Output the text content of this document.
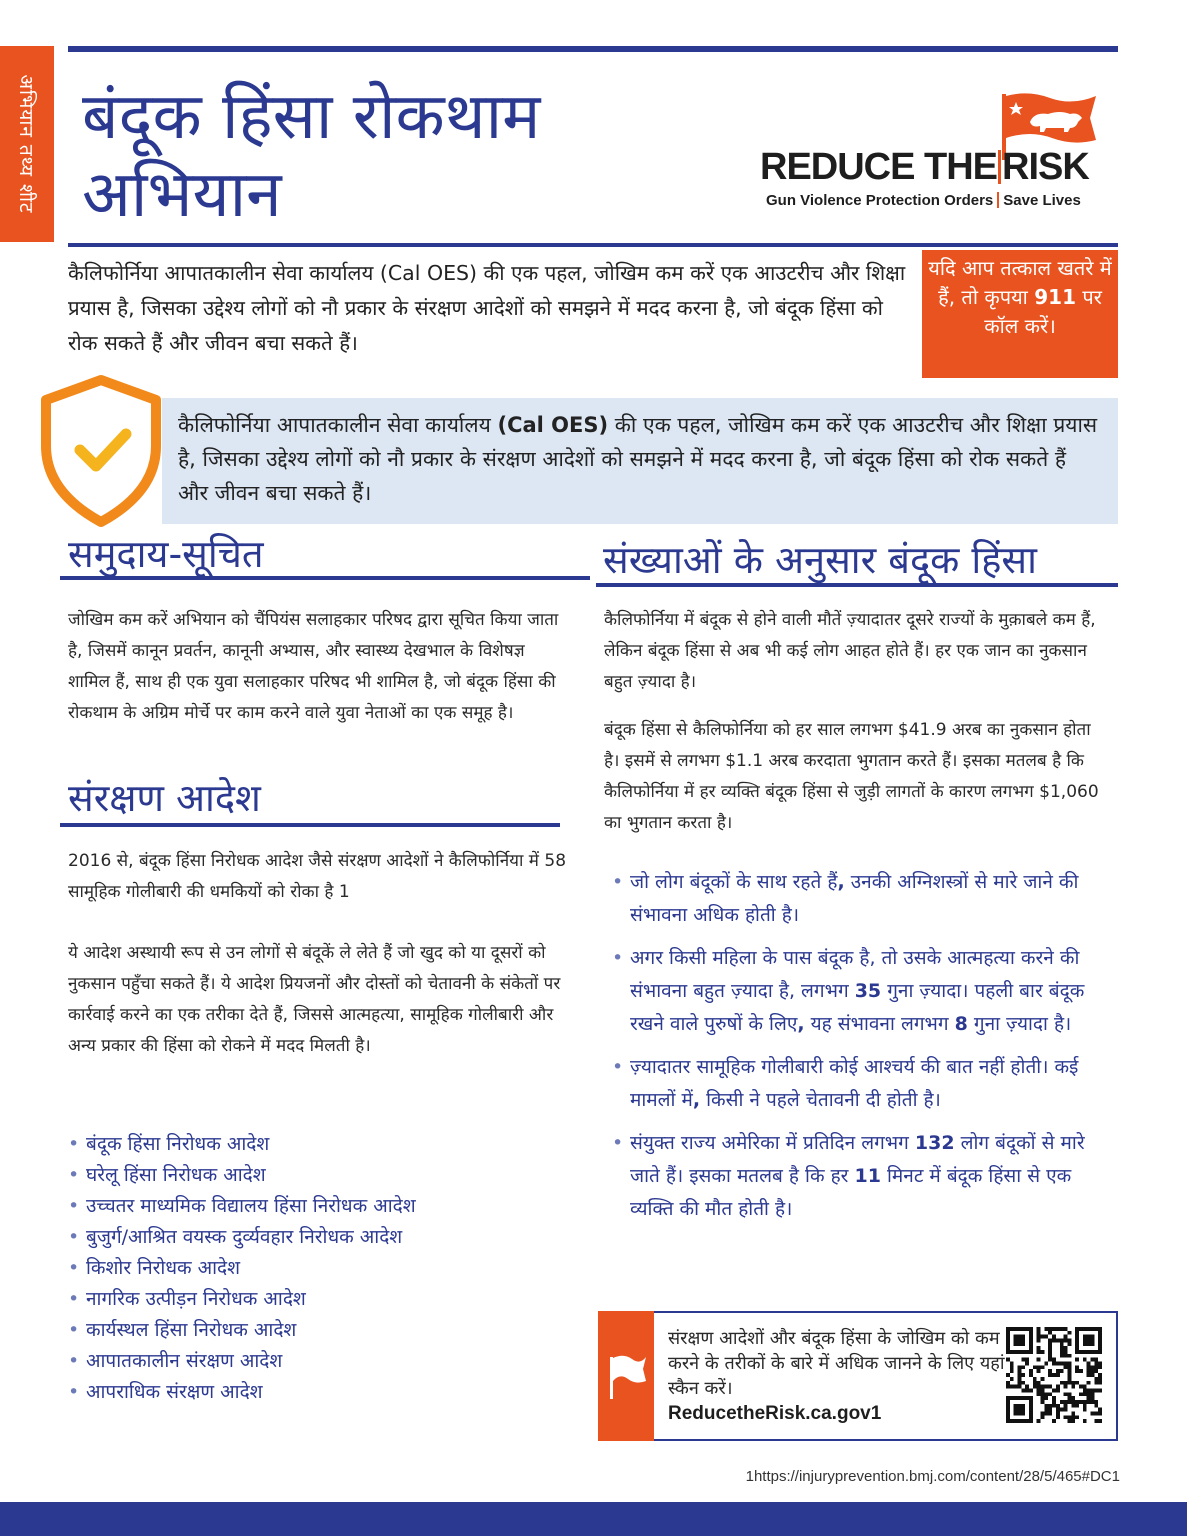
अभियान तथ्य शीट बंदूक हिंसा रोकथाम
अभियान	REDUCE THE RISK
Gun Violence Protection Orders Save Lives
कैलिफोर्निया आपातकालीन सेवा कार्यालय (Cal OES) की एक पहल, जोखिम कम करें एक आउटरीच और शिक्षा प्रयास है, जिसका उद्देश्य लोगों को नौ प्रकार के संरक्षण आदेशों को समझने में मदद करना है, जो बंदूक हिंसा को रोक सकते हैं और जीवन बचा सकते हैं।
यदि आप तत्काल खतरे में हैं, तो कृपया 911 पर कॉल करें।
कैलिफोर्निया आपातकालीन सेवा कार्यालय (Cal OES) की एक पहल, जोखिम कम करें एक आउटरीच और शिक्षा प्रयास है, जिसका उद्देश्य लोगों को नौ प्रकार के संरक्षण आदेशों को समझने में मदद करना है, जो बंदूक हिंसा को रोक सकते हैं और जीवन बचा सकते हैं।
समुदाय-सूचित
जोखिम कम करें अभियान को चैंपियंस सलाहकार परिषद द्वारा सूचित किया जाता है, जिसमें कानून प्रवर्तन, कानूनी अभ्यास, और स्वास्थ्य देखभाल के विशेषज्ञ शामिल हैं, साथ ही एक युवा सलाहकार परिषद भी शामिल है, जो बंदूक हिंसा की रोकथाम के अग्रिम मोर्चे पर काम करने वाले युवा नेताओं का एक समूह है।
संरक्षण आदेश
2016 से, बंदूक हिंसा निरोधक आदेश जैसे संरक्षण आदेशों ने कैलिफोर्निया में 58 सामूहिक गोलीबारी की धमकियों को रोका है 1
ये आदेश अस्थायी रूप से उन लोगों से बंदूकें ले लेते हैं जो खुद को या दूसरों को नुकसान पहुँचा सकते हैं। ये आदेश प्रियजनों और दोस्तों को चेतावनी के संकेतों पर कार्रवाई करने का एक तरीका देते हैं, जिससे आत्महत्या, सामूहिक गोलीबारी और अन्य प्रकार की हिंसा को रोकने में मदद मिलती है।
• बंदूक हिंसा निरोधक आदेश
• घरेलू हिंसा निरोधक आदेश
• उच्चतर माध्यमिक विद्यालय हिंसा निरोधक आदेश
• बुजुर्ग/आश्रित वयस्क दुर्व्यवहार निरोधक आदेश
• किशोर निरोधक आदेश
• नागरिक उत्पीड़न निरोधक आदेश
• कार्यस्थल हिंसा निरोधक आदेश
• आपातकालीन संरक्षण आदेश
• आपराधिक संरक्षण आदेश
संख्याओं के अनुसार बंदूक हिंसा
कैलिफोर्निया में बंदूक से होने वाली मौतें ज़्यादातर दूसरे राज्यों के मुक़ाबले कम हैं, लेकिन बंदूक हिंसा से अब भी कई लोग आहत होते हैं। हर एक जान का नुकसान बहुत ज़्यादा है।
बंदूक हिंसा से कैलिफोर्निया को हर साल लगभग $41.9 अरब का नुकसान होता है। इसमें से लगभग $1.1 अरब करदाता भुगतान करते हैं। इसका मतलब है कि कैलिफोर्निया में हर व्यक्ति बंदूक हिंसा से जुड़ी लागतों के कारण लगभग $1,060 का भुगतान करता है।
• जो लोग बंदूकों के साथ रहते हैं, उनकी अग्निशस्त्रों से मारे जाने की संभावना अधिक होती है।
• अगर किसी महिला के पास बंदूक है, तो उसके आत्महत्या करने की संभावना बहुत ज़्यादा है, लगभग 35 गुना ज़्यादा। पहली बार बंदूक रखने वाले पुरुषों के लिए, यह संभावना लगभग 8 गुना ज़्यादा है।
• ज़्यादातर सामूहिक गोलीबारी कोई आश्चर्य की बात नहीं होती। कई मामलों में, किसी ने पहले चेतावनी दी होती है।
• संयुक्त राज्य अमेरिका में प्रतिदिन लगभग 132 लोग बंदूकों से मारे जाते हैं। इसका मतलब है कि हर 11 मिनट में बंदूक हिंसा से एक व्यक्ति की मौत होती है।
संरक्षण आदेशों और बंदूक हिंसा के जोखिम को कम करने के तरीकों के बारे में अधिक जानने के लिए यहां स्कैन करें।
ReducetheRisk.ca.gov1
1https://injuryprevention.bmj.com/content/28/5/465#DC1
